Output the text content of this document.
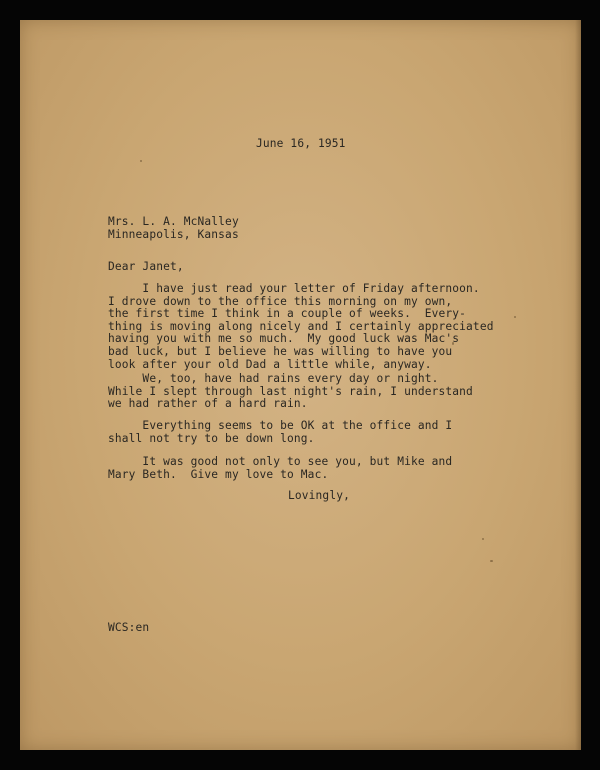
June 16, 1951

Mrs. L. A. McNalley
Minneapolis, Kansas

Dear Janet,

I have just read your letter of Friday afternoon.
I drove down to the office this morning on my own,
the first time I think in a couple of weeks.  Every-
thing is moving along nicely and I certainly appreciated
having you with me so much.  My good luck was Mac's
bad luck, but I believe he was willing to have you
look after your old Dad a little while, anyway.
We, too, have had rains every day or night.
While I slept through last night's rain, I understand
we had rather of a hard rain.
Everything seems to be OK at the office and I
shall not try to be down long.
It was good not only to see you, but Mike and
Mary Beth.  Give my love to Mac.

Lovingly,

WCS:en
